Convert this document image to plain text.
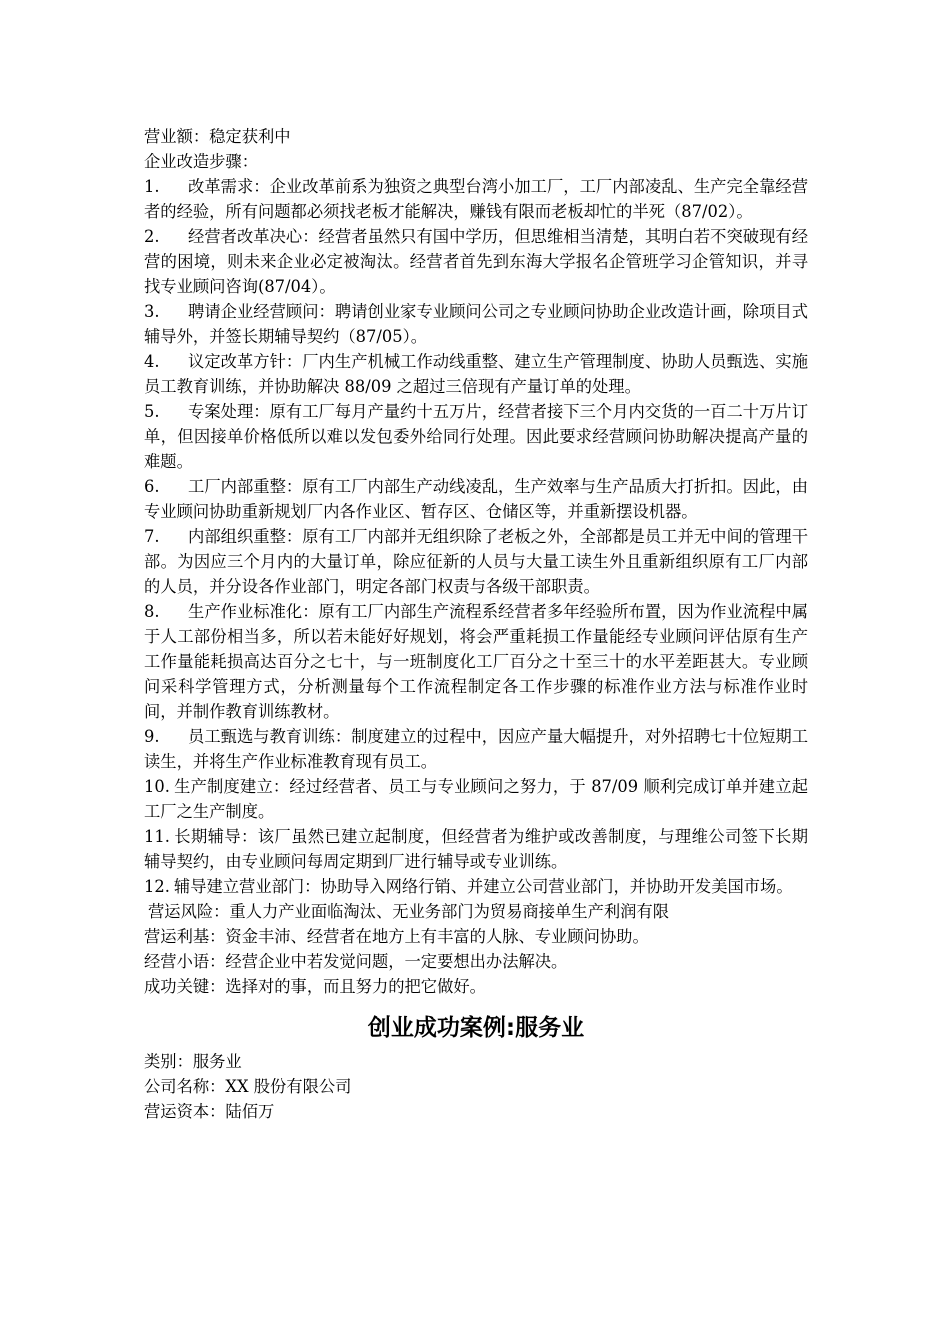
营业额：稳定获利中

企业改造步骤：

1. 改革需求：企业改革前系为独资之典型台湾小加工厂，工厂内部凌乱、生产完全靠经营者的经验，所有问题都必须找老板才能解决，赚钱有限而老板却忙的半死（87/02）。

2. 经营者改革决心：经营者虽然只有国中学历，但思维相当清楚，其明白若不突破现有经营的困境，则未来企业必定被淘汰。经营者首先到东海大学报名企管班学习企管知识，并寻找专业顾问咨询(87/04）。

3. 聘请企业经营顾问：聘请创业家专业顾问公司之专业顾问协助企业改造计画，除项目式辅导外，并签长期辅导契约（87/05）。

4. 议定改革方针：厂内生产机械工作动线重整、建立生产管理制度、协助人员甄选、实施员工教育训练，并协助解决 88/09 之超过三倍现有产量订单的处理。

5. 专案处理：原有工厂每月产量约十五万片，经营者接下三个月内交货的一百二十万片订单，但因接单价格低所以难以发包委外给同行处理。因此要求经营顾问协助解决提高产量的难题。

6. 工厂内部重整：原有工厂内部生产动线凌乱，生产效率与生产品质大打折扣。因此，由专业顾问协助重新规划厂内各作业区、暂存区、仓储区等，并重新摆设机器。

7. 内部组织重整：原有工厂内部并无组织除了老板之外，全部都是员工并无中间的管理干部。为因应三个月内的大量订单，除应征新的人员与大量工读生外且重新组织原有工厂内部的人员，并分设各作业部门，明定各部门权责与各级干部职责。

8. 生产作业标准化：原有工厂内部生产流程系经营者多年经验所布置，因为作业流程中属于人工部份相当多，所以若未能好好规划，将会严重耗损工作量能经专业顾问评估原有生产工作量能耗损高达百分之七十，与一班制度化工厂百分之十至三十的水平差距甚大。专业顾问采科学管理方式，分析测量每个工作流程制定各工作步骤的标准作业方法与标准作业时间，并制作教育训练教材。

9. 员工甄选与教育训练：制度建立的过程中，因应产量大幅提升，对外招聘七十位短期工读生，并将生产作业标准教育现有员工。

10. 生产制度建立：经过经营者、员工与专业顾问之努力，于 87/09 顺利完成订单并建立起工厂之生产制度。

11. 长期辅导：该厂虽然已建立起制度，但经营者为维护或改善制度，与理维公司签下长期辅导契约，由专业顾问每周定期到厂进行辅导或专业训练。

12. 辅导建立营业部门：协助导入网络行销、并建立公司营业部门，并协助开发美国市场。

营运风险：重人力产业面临淘汰、无业务部门为贸易商接单生产利润有限

营运利基：资金丰沛、经营者在地方上有丰富的人脉、专业顾问协助。

经营小语：经营企业中若发觉问题，一定要想出办法解决。

成功关键：选择对的事，而且努力的把它做好。

创业成功案例:服务业

类别：服务业

公司名称：XX 股份有限公司

营运资本：陆佰万
